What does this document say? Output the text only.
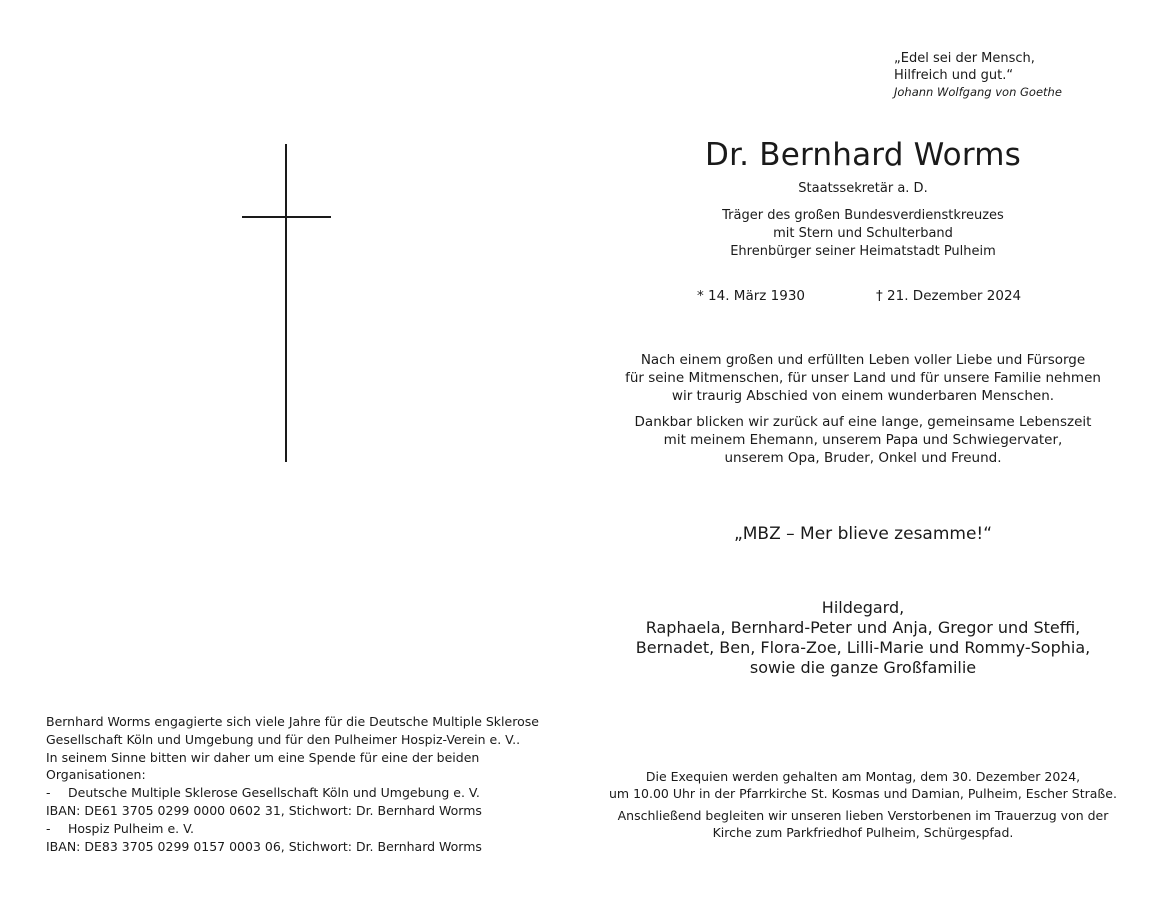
„Edel sei der Mensch,
Hilfreich und gut.“
Johann Wolfgang von Goethe
Dr. Bernhard Worms
Staatssekretär a. D.
Träger des großen Bundesverdienstkreuzes
mit Stern und Schulterband
Ehrenbürger seiner Heimatstadt Pulheim
* 14. März 1930	† 21. Dezember 2024
Nach einem großen und erfüllten Leben voller Liebe und Fürsorge
für seine Mitmenschen, für unser Land und für unsere Familie nehmen
wir traurig Abschied von einem wunderbaren Menschen.
Dankbar blicken wir zurück auf eine lange, gemeinsame Lebenszeit
mit meinem Ehemann, unserem Papa und Schwiegervater,
unserem Opa, Bruder, Onkel und Freund.
„MBZ – Mer blieve zesamme!“
Hildegard,
Raphaela, Bernhard-Peter und Anja, Gregor und Steffi,
Bernadet, Ben, Flora-Zoe, Lilli-Marie und Rommy-Sophia,
sowie die ganze Großfamilie
Die Exequien werden gehalten am Montag, dem 30. Dezember 2024,
um 10.00 Uhr in der Pfarrkirche St. Kosmas und Damian, Pulheim, Escher Straße.
Anschließend begleiten wir unseren lieben Verstorbenen im Trauerzug von der
Kirche zum Parkfriedhof Pulheim, Schürgespfad.
Bernhard Worms engagierte sich viele Jahre für die Deutsche Multiple Sklerose
Gesellschaft Köln und Umgebung und für den Pulheimer Hospiz-Verein e. V..
In seinem Sinne bitten wir daher um eine Spende für eine der beiden
Organisationen:
- Deutsche Multiple Sklerose Gesellschaft Köln und Umgebung e. V.
IBAN: DE61 3705 0299 0000 0602 31, Stichwort: Dr. Bernhard Worms
- Hospiz Pulheim e. V.
IBAN: DE83 3705 0299 0157 0003 06, Stichwort: Dr. Bernhard Worms
